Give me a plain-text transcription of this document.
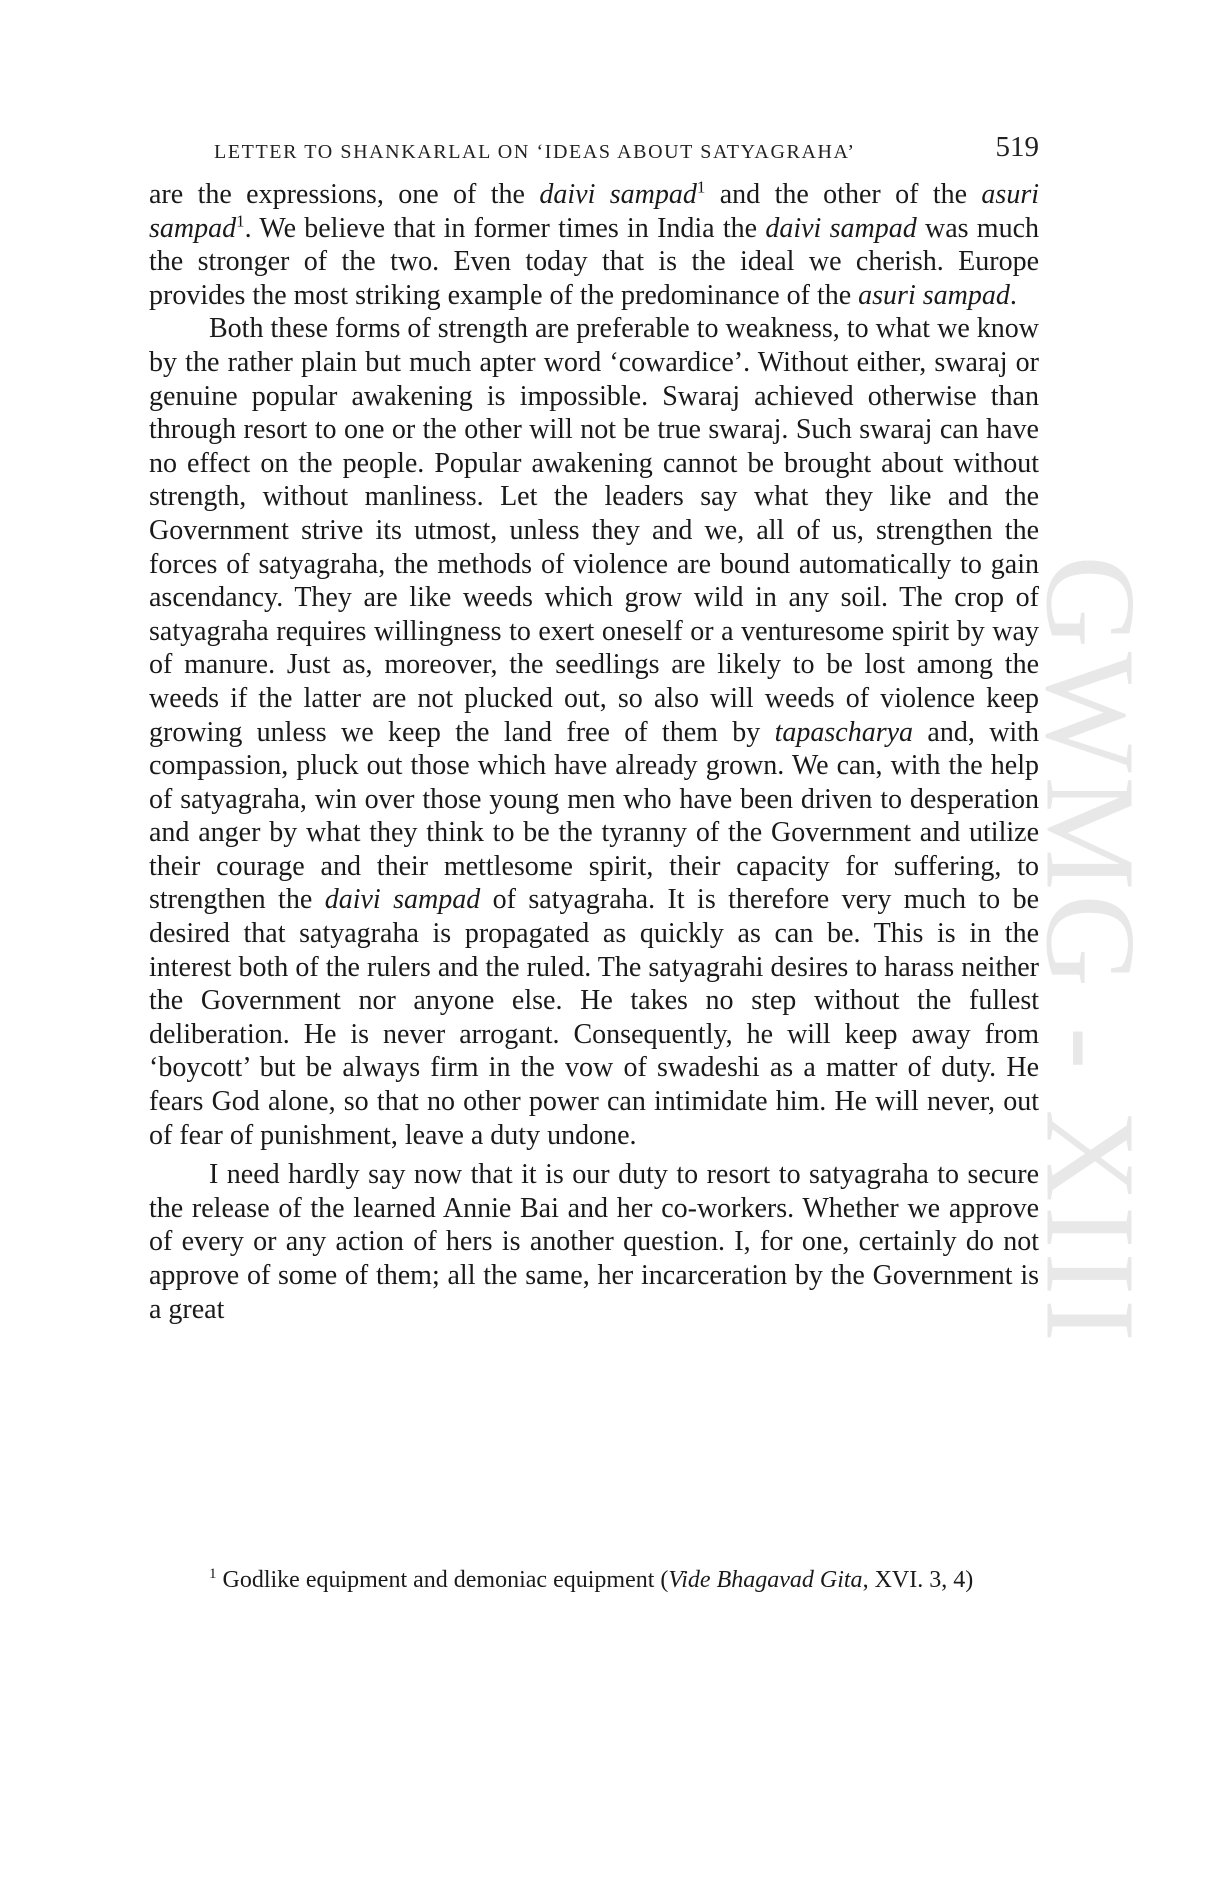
GWMG - XIII
LETTER TO SHANKARLAL ON ‘IDEAS ABOUT SATYAGRAHA’	519

are the expressions, one of the daivi sampad$^1$ and the other of the asuri sampad$^1$. We believe that in former times in India the daivi sampad was much the stronger of the two. Even today that is the ideal we cherish. Europe provides the most striking example of the predominance of the asuri sampad.

Both these forms of strength are preferable to weakness, to what we know by the rather plain but much apter word ‘cowardice’. Without either, swaraj or genuine popular awakening is impossible. Swaraj achieved otherwise than through resort to one or the other will not be true swaraj. Such swaraj can have no effect on the people. Popular awakening cannot be brought about without strength, without manliness. Let the leaders say what they like and the Government strive its utmost, unless they and we, all of us, strengthen the forces of satyagraha, the methods of violence are bound automatically to gain ascendancy. They are like weeds which grow wild in any soil. The crop of satyagraha requires willingness to exert oneself or a venturesome spirit by way of manure. Just as, moreover, the seedlings are likely to be lost among the weeds if the latter are not plucked out, so also will weeds of violence keep growing unless we keep the land free of them by tapascharya and, with compassion, pluck out those which have already grown. We can, with the help of satyagraha, win over those young men who have been driven to desperation and anger by what they think to be the tyranny of the Government and utilize their courage and their mettlesome spirit, their capacity for suffering, to strengthen the daivi sampad of satyagraha. It is therefore very much to be desired that satyagraha is propagated as quickly as can be. This is in the interest both of the rulers and the ruled. The satyagrahi desires to harass neither the Government nor anyone else. He takes no step without the fullest deliberation. He is never arrogant. Consequently, he will keep away from ‘boycott’ but be always firm in the vow of swadeshi as a matter of duty. He fears God alone, so that no other power can intimidate him. He will never, out of fear of punishment, leave a duty undone.

I need hardly say now that it is our duty to resort to satyagraha to secure the release of the learned Annie Bai and her co-workers. Whether we approve of every or any action of hers is another question. I, for one, certainly do not approve of some of them; all the same, her incarceration by the Government is a great

$^1$ Godlike equipment and demoniac equipment (Vide Bhagavad Gita, XVI. 3, 4)
